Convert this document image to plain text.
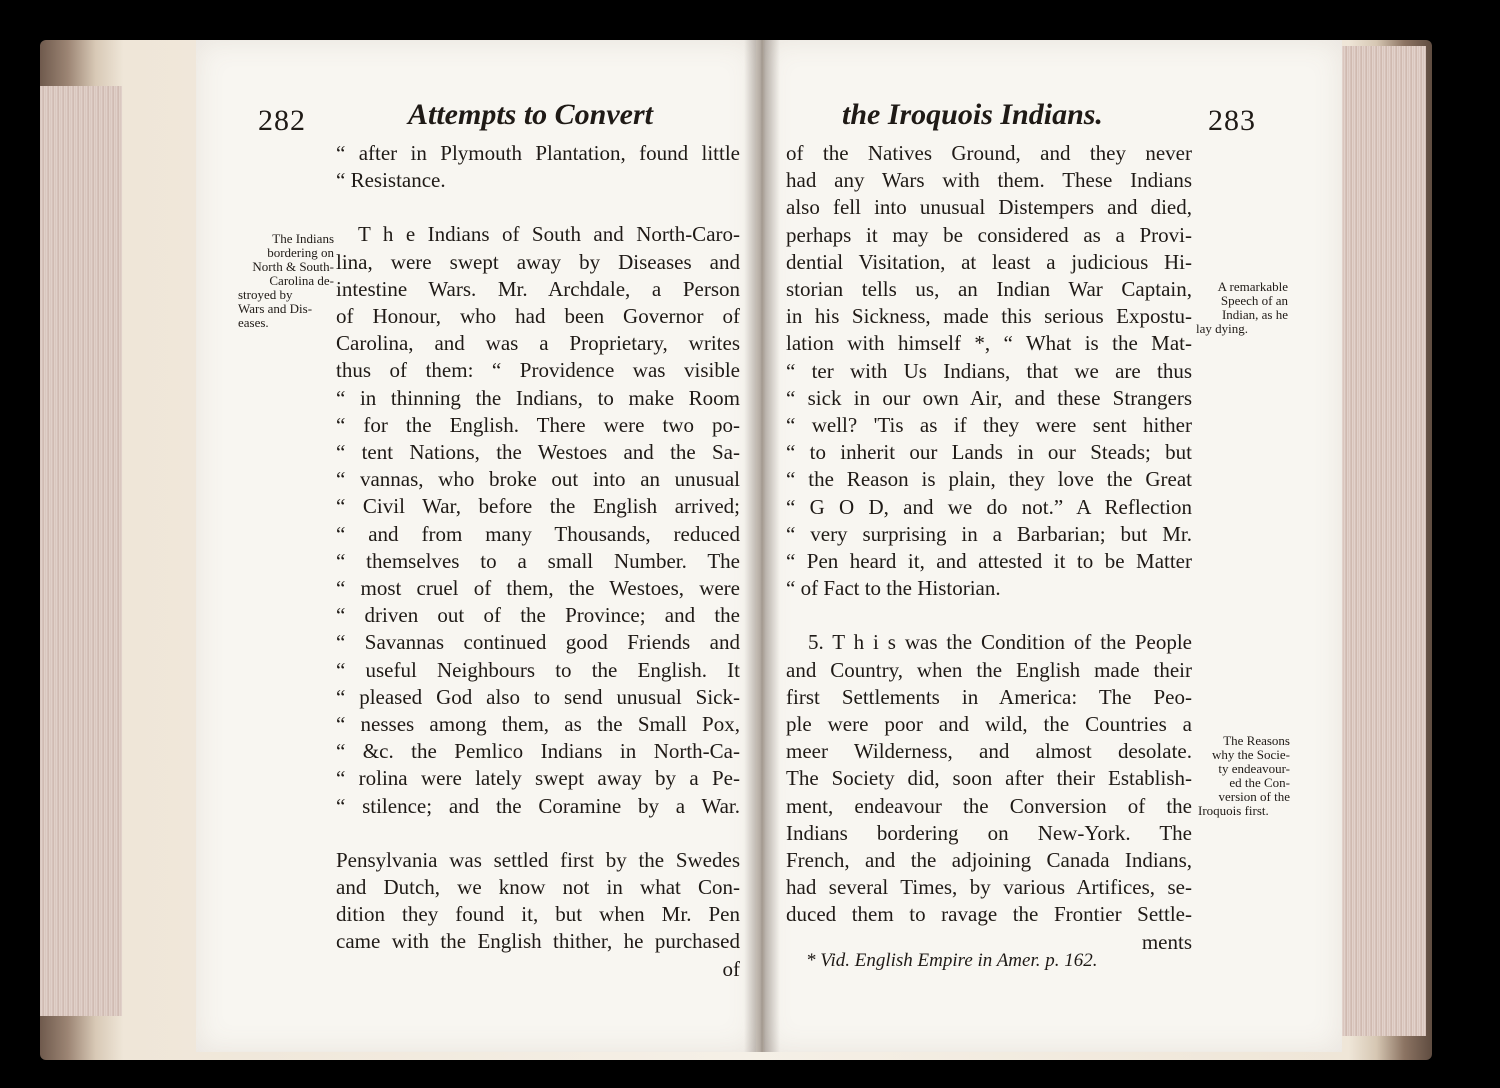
282	Attempts to Convert
“ after in Plymouth Plantation, found little
“ Resistance.
T h e Indians of South and North-Caro-
lina, were swept away by Diseases and
intestine Wars. Mr. Archdale, a Person
of Honour, who had been Governor of
Carolina, and was a Proprietary, writes
thus of them: “ Providence was visible
“ in thinning the Indians, to make Room
“ for the English. There were two po-
“ tent Nations, the Westoes and the Sa-
“ vannas, who broke out into an unusual
“ Civil War, before the English arrived;
“ and from many Thousands, reduced
“ themselves to a small Number. The
“ most cruel of them, the Westoes, were
“ driven out of the Province; and the
“ Savannas continued good Friends and
“ useful Neighbours to the English. It
“ pleased God also to send unusual Sick-
“ nesses among them, as the Small Pox,
“ &c. the Pemlico Indians in North-Ca-
“ rolina were lately swept away by a Pe-
“ stilence; and the Coramine by a War.
Pensylvania was settled first by the Swedes
and Dutch, we know not in what Con-
dition they found it, but when Mr. Pen
came with the English thither, he purchased
of
The Indians
bordering on
North & South-
Carolina de-
stroyed by
Wars and Dis-
eases.
the Iroquois Indians.	283
of the Natives Ground, and they never
had any Wars with them. These Indians
also fell into unusual Distempers and died,
perhaps it may be considered as a Provi-
dential Visitation, at least a judicious Hi-
storian tells us, an Indian War Captain,
in his Sickness, made this serious Expostu-
lation with himself *, “ What is the Mat-
“ ter with Us Indians, that we are thus
“ sick in our own Air, and these Strangers
“ well? 'Tis as if they were sent hither
“ to inherit our Lands in our Steads; but
“ the Reason is plain, they love the Great
“ G O D, and we do not.” A Reflection
“ very surprising in a Barbarian; but Mr.
“ Pen heard it, and attested it to be Matter
“ of Fact to the Historian.
5. T h i s was the Condition of the People
and Country, when the English made their
first Settlements in America: The Peo-
ple were poor and wild, the Countries a
meer Wilderness, and almost desolate.
The Society did, soon after their Establish-
ment, endeavour the Conversion of the
Indians bordering on New-York. The
French, and the adjoining Canada Indians,
had several Times, by various Artifices, se-
duced them to ravage the Frontier Settle-
ments
A remarkable
Speech of an
Indian, as he
lay dying.
The Reasons
why the Socie-
ty endeavour-
ed the Con-
version of the
Iroquois first.
* Vid. English Empire in Amer. p. 162.
